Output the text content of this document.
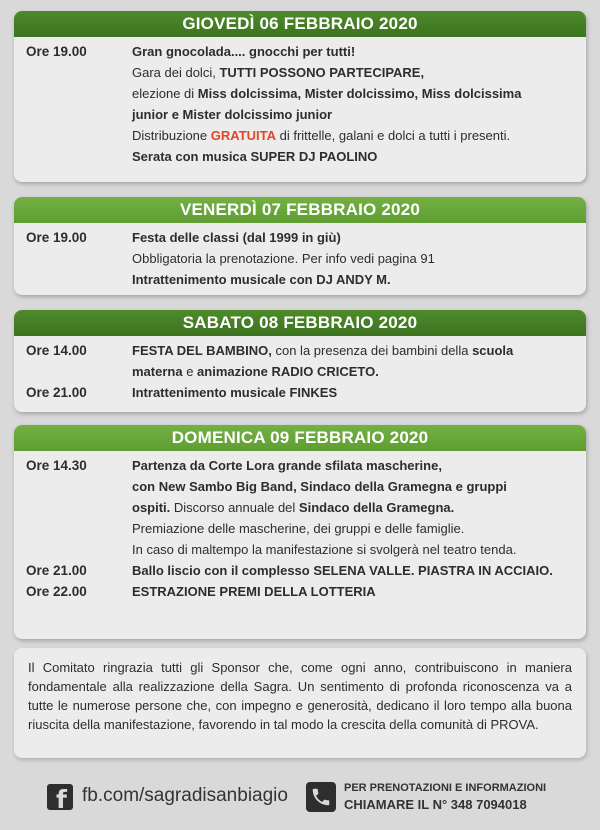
GIOVEDÌ 06 FEBBRAIO 2020
Ore 19.00	Gran gnocolada.... gnocchi per tutti!
Gara dei dolci, TUTTI POSSONO PARTECIPARE,
elezione di Miss dolcissima, Mister dolcissimo, Miss dolcissima
junior e Mister dolcissimo junior
Distribuzione GRATUITA di frittelle, galani e dolci a tutti i presenti.
Serata con musica SUPER DJ PAOLINO
VENERDÌ 07 FEBBRAIO 2020
Ore 19.00	Festa delle classi (dal 1999 in giù)
Obbligatoria la prenotazione. Per info vedi pagina 91
Intrattenimento musicale con DJ ANDY M.
SABATO 08 FEBBRAIO 2020
Ore 14.00	FESTA DEL BAMBINO, con la presenza dei bambini della scuola
materna e animazione RADIO CRICETO.
Ore 21.00	Intrattenimento musicale FINKES
DOMENICA 09 FEBBRAIO 2020
Ore 14.30	Partenza da Corte Lora grande sfilata mascherine,
con New Sambo Big Band, Sindaco della Gramegna e gruppi
ospiti. Discorso annuale del Sindaco della Gramegna.
Premiazione delle mascherine, dei gruppi e delle famiglie.
In caso di maltempo la manifestazione si svolgerà nel teatro tenda.
Ore 21.00	Ballo liscio con il complesso SELENA VALLE. PIASTRA IN ACCIAIO.
Ore 22.00	ESTRAZIONE PREMI DELLA LOTTERIA
Il Comitato ringrazia tutti gli Sponsor che, come ogni anno, contribuiscono in maniera fondamentale alla realizzazione della Sagra. Un sentimento di profonda riconoscenza va a tutte le numerose persone che, con impegno e generosità, dedicano il loro tempo alla buona riuscita della manifestazione, favorendo in tal modo la crescita della comunità di PROVA.
f fb.com/sagradisanbiagio	PER PRENOTAZIONI E INFORMAZIONI
CHIAMARE IL N° 348 7094018
